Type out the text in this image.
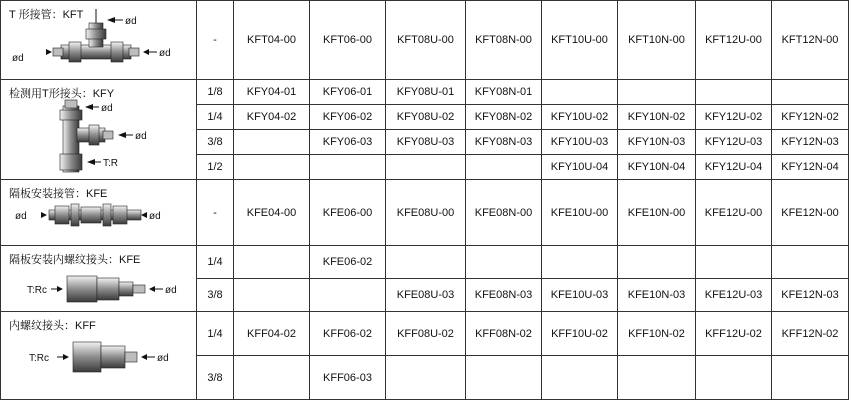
T 形接管：KFT
ød
ød ød	-	KFT04-00	KFT06-00	KFT08U-00	KFT08N-00	KFT10U-00	KFT10N-00	KFT12U-00	KFT12N-00

检测用T形接头：KFY
ød
ød
T:R	1/8	KFY04-01	KFY06-01	KFY08U-01	KFY08N-01				
	1/4	KFY04-02	KFY06-02	KFY08U-02	KFY08N-02	KFY10U-02	KFY10N-02	KFY12U-02	KFY12N-02
	3/8		KFY06-03	KFY08U-03	KFY08N-03	KFY10U-03	KFY10N-03	KFY12U-03	KFY12N-03
	1/2					KFY10U-04	KFY10N-04	KFY12U-04	KFY12N-04

隔板安装接管：KFE
ød ød	-	KFE04-00	KFE06-00	KFE08U-00	KFE08N-00	KFE10U-00	KFE10N-00	KFE12U-00	KFE12N-00

隔板安装内螺纹接头：KFE
T:Rc ød	1/4		KFE06-02						
	3/8			KFE08U-03	KFE08N-03	KFE10U-03	KFE10N-03	KFE12U-03	KFE12N-03

内螺纹接头：KFF
T:Rc ød	1/4	KFF04-02	KFF06-02	KFF08U-02	KFF08N-02	KFF10U-02	KFF10N-02	KFF12U-02	KFF12N-02
	3/8		KFF06-03						
